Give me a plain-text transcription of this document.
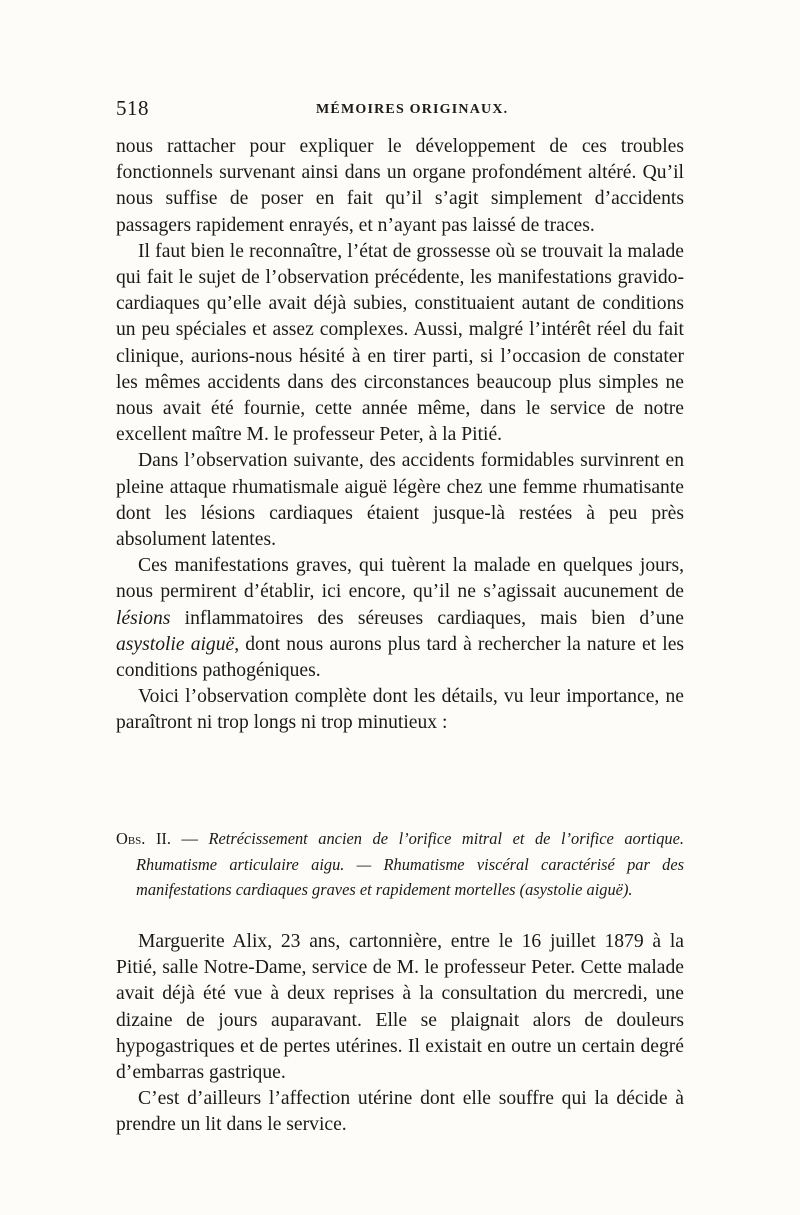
518	MÉMOIRES ORIGINAUX.

nous rattacher pour expliquer le développement de ces troubles fonctionnels survenant ainsi dans un organe profondément altéré. Qu’il nous suffise de poser en fait qu’il s’agit simplement d’accidents passagers rapidement enrayés, et n’ayant pas laissé de traces.

Il faut bien le reconnaître, l’état de grossesse où se trouvait la malade qui fait le sujet de l’observation précédente, les manifestations gravido-cardiaques qu’elle avait déjà subies, constituaient autant de conditions un peu spéciales et assez complexes. Aussi, malgré l’intérêt réel du fait clinique, aurions-nous hésité à en tirer parti, si l’occasion de constater les mêmes accidents dans des circonstances beaucoup plus simples ne nous avait été fournie, cette année même, dans le service de notre excellent maître M. le professeur Peter, à la Pitié.

Dans l’observation suivante, des accidents formidables survinrent en pleine attaque rhumatismale aiguë légère chez une femme rhumatisante dont les lésions cardiaques étaient jusque-là restées à peu près absolument latentes.

Ces manifestations graves, qui tuèrent la malade en quelques jours, nous permirent d’établir, ici encore, qu’il ne s’agissait aucunement de lésions inflammatoires des séreuses cardiaques, mais bien d’une asystolie aiguë, dont nous aurons plus tard à rechercher la nature et les conditions pathogéniques.

Voici l’observation complète dont les détails, vu leur importance, ne paraîtront ni trop longs ni trop minutieux :

Obs. II. — Retrécissement ancien de l’orifice mitral et de l’orifice aortique. Rhumatisme articulaire aigu. — Rhumatisme viscéral caractérisé par des manifestations cardiaques graves et rapidement mortelles (asystolie aiguë).

Marguerite Alix, 23 ans, cartonnière, entre le 16 juillet 1879 à la Pitié, salle Notre-Dame, service de M. le professeur Peter. Cette malade avait déjà été vue à deux reprises à la consultation du mercredi, une dizaine de jours auparavant. Elle se plaignait alors de douleurs hypogastriques et de pertes utérines. Il existait en outre un certain degré d’embarras gastrique.

C’est d’ailleurs l’affection utérine dont elle souffre qui la décide à prendre un lit dans le service.
